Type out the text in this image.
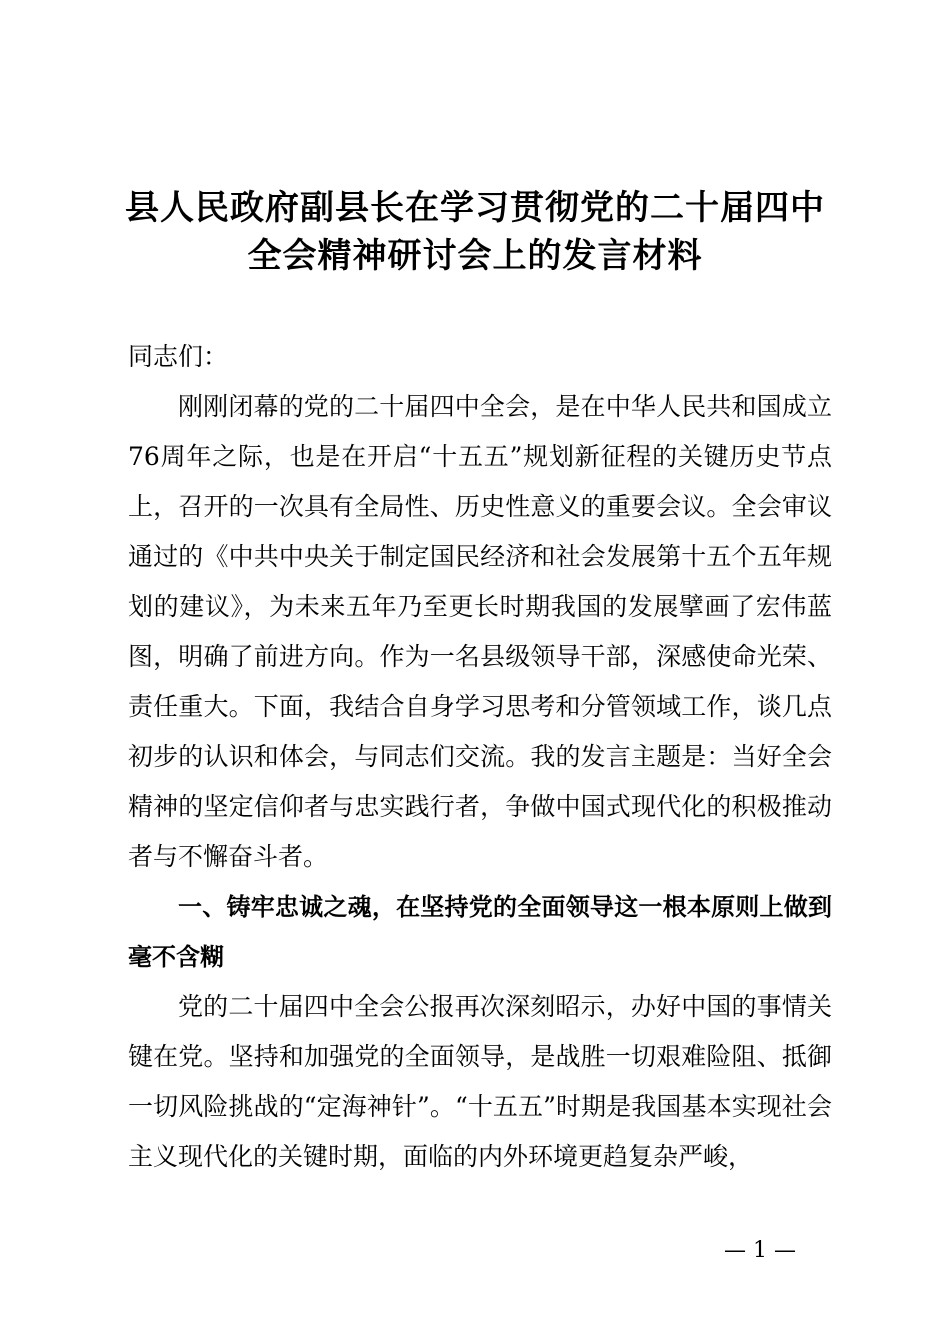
县人民政府副县长在学习贯彻党的二十届四中
全会精神研讨会上的发言材料

同志们：

刚刚闭幕的党的二十届四中全会，是在中华人民共和国成立76周年之际，也是在开启“十五五”规划新征程的关键历史节点上，召开的一次具有全局性、历史性意义的重要会议。全会审议通过的《中共中央关于制定国民经济和社会发展第十五个五年规划的建议》，为未来五年乃至更长时期我国的发展擘画了宏伟蓝图，明确了前进方向。作为一名县级领导干部，深感使命光荣、责任重大。下面，我结合自身学习思考和分管领域工作，谈几点初步的认识和体会，与同志们交流。我的发言主题是：当好全会精神的坚定信仰者与忠实践行者，争做中国式现代化的积极推动者与不懈奋斗者。

一、铸牢忠诚之魂，在坚持党的全面领导这一根本原则上做到毫不含糊

党的二十届四中全会公报再次深刻昭示，办好中国的事情关键在党。坚持和加强党的全面领导，是战胜一切艰难险阻、抵御一切风险挑战的“定海神针”。“十五五”时期是我国基本实现社会主义现代化的关键时期，面临的内外环境更趋复杂严峻，

— 1 —
